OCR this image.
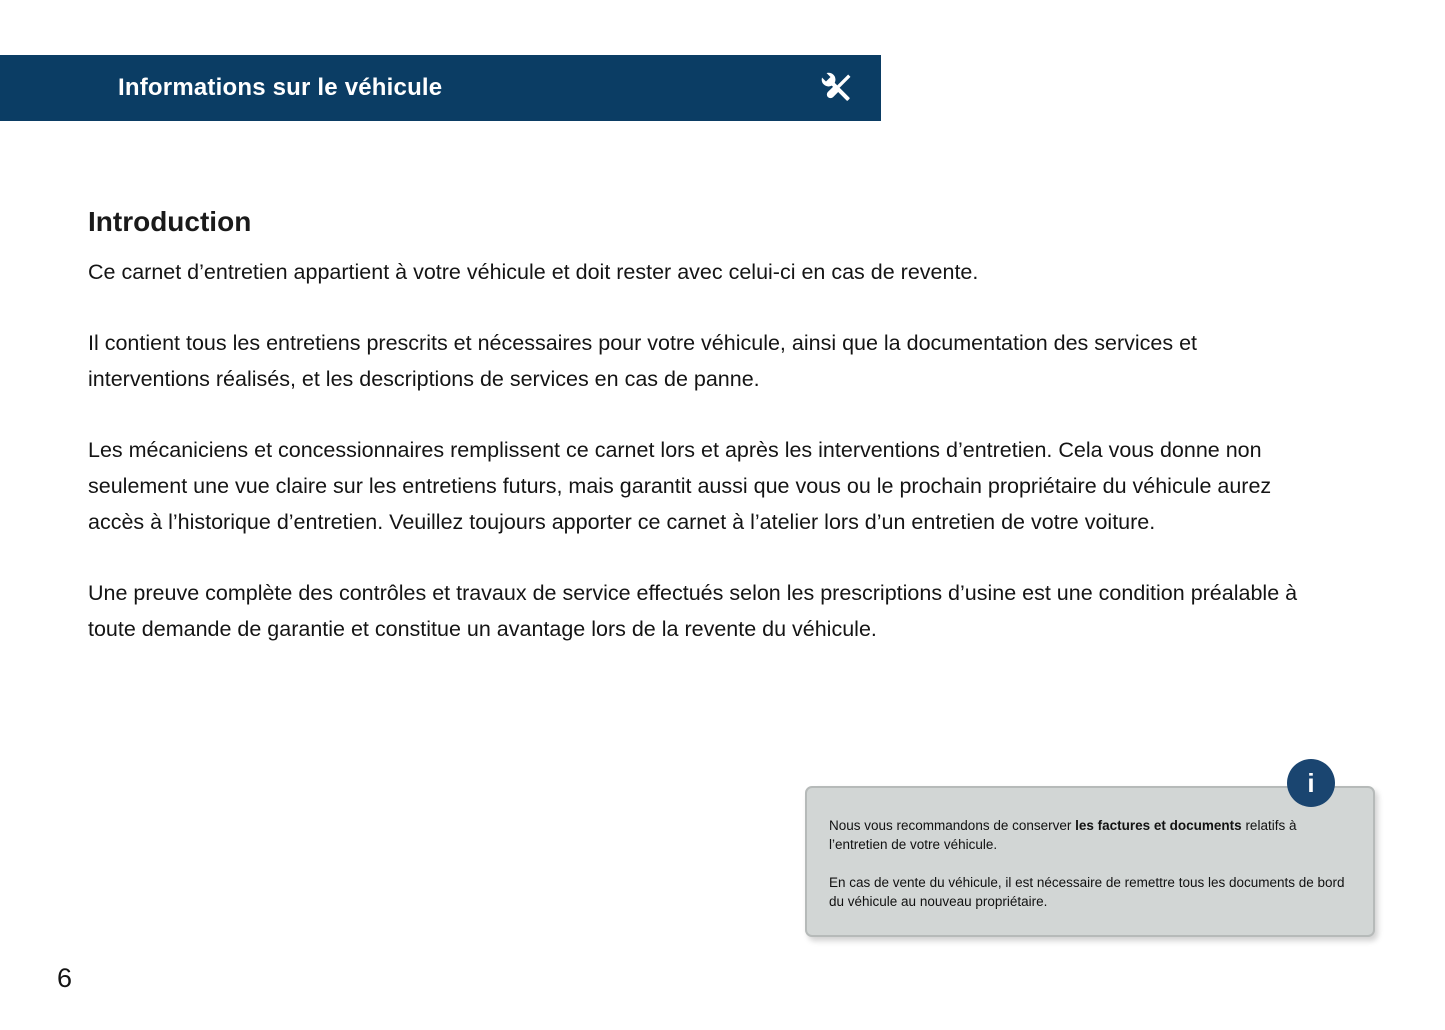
Informations sur le véhicule
Introduction

Ce carnet d’entretien appartient à votre véhicule et doit rester avec celui-ci en cas de revente.

Il contient tous les entretiens prescrits et nécessaires pour votre véhicule, ainsi que la documentation des services et interventions réalisés, et les descriptions de services en cas de panne.

Les mécaniciens et concessionnaires remplissent ce carnet lors et après les interventions d’entretien. Cela vous donne non seulement une vue claire sur les entretiens futurs, mais garantit aussi que vous ou le prochain propriétaire du véhicule aurez accès à l’historique d’entretien. Veuillez toujours apporter ce carnet à l’atelier lors d’un entretien de votre voiture.

Une preuve complète des contrôles et travaux de service effectués selon les prescriptions d’usine est une condition préalable à toute demande de garantie et constitue un avantage lors de la revente du véhicule.

i

Nous vous recommandons de conserver les factures et documents relatifs à l’entretien de votre véhicule.

En cas de vente du véhicule, il est nécessaire de remettre tous les documents de bord du véhicule au nouveau propriétaire.

6
